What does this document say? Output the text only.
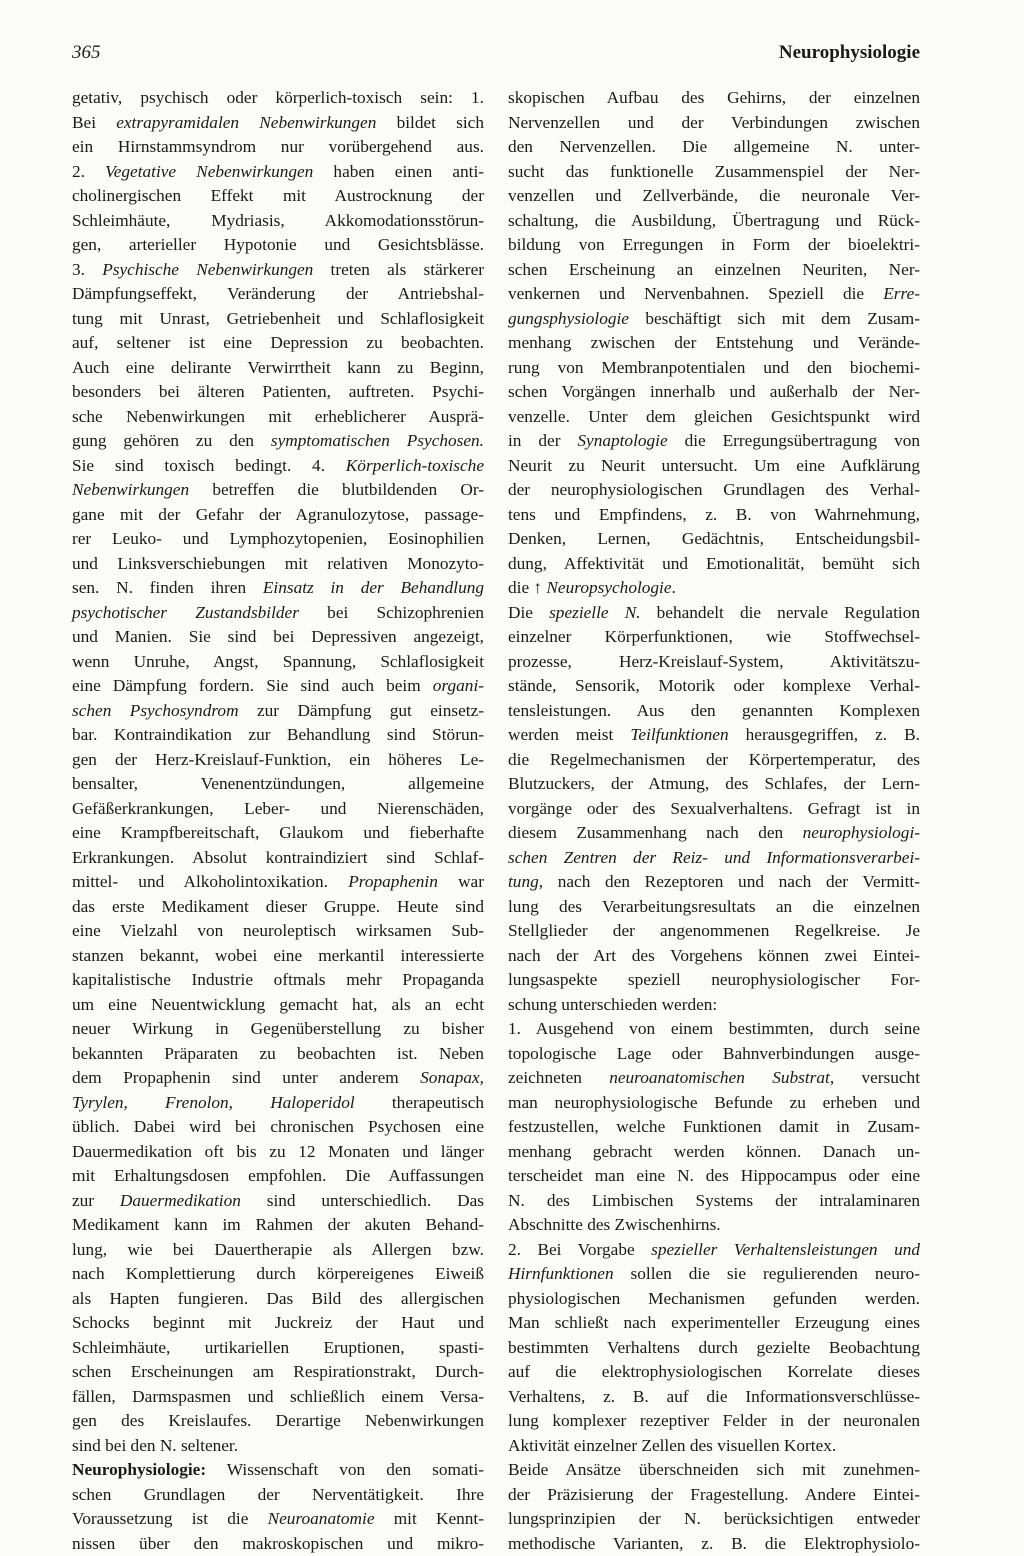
365	Neurophysiologie
getativ, psychisch oder körperlich-toxisch sein: 1.
Bei extrapyramidalen Nebenwirkungen bildet sich
ein Hirnstammsyndrom nur vorübergehend aus.
2. Vegetative Nebenwirkungen haben einen anti-
cholinergischen Effekt mit Austrocknung der
Schleimhäute, Mydriasis, Akkomodationsstörun-
gen, arterieller Hypotonie und Gesichtsblässe.
3. Psychische Nebenwirkungen treten als stärkerer
Dämpfungseffekt, Veränderung der Antriebshal-
tung mit Unrast, Getriebenheit und Schlaflosigkeit
auf, seltener ist eine Depression zu beobachten.
Auch eine delirante Verwirrtheit kann zu Beginn,
besonders bei älteren Patienten, auftreten. Psychi-
sche Nebenwirkungen mit erheblicherer Ausprä-
gung gehören zu den symptomatischen Psychosen.
Sie sind toxisch bedingt. 4. Körperlich-toxische
Nebenwirkungen betreffen die blutbildenden Or-
gane mit der Gefahr der Agranulozytose, passage-
rer Leuko- und Lymphozytopenien, Eosinophilien
und Linksverschiebungen mit relativen Monozyto-
sen. N. finden ihren Einsatz in der Behandlung
psychotischer Zustandsbilder bei Schizophrenien
und Manien. Sie sind bei Depressiven angezeigt,
wenn Unruhe, Angst, Spannung, Schlaflosigkeit
eine Dämpfung fordern. Sie sind auch beim organi-
schen Psychosyndrom zur Dämpfung gut einsetz-
bar. Kontraindikation zur Behandlung sind Störun-
gen der Herz-Kreislauf-Funktion, ein höheres Le-
bensalter, Venenentzündungen, allgemeine
Gefäßerkrankungen, Leber- und Nierenschäden,
eine Krampfbereitschaft, Glaukom und fieberhafte
Erkrankungen. Absolut kontraindiziert sind Schlaf-
mittel- und Alkoholintoxikation. Propaphenin war
das erste Medikament dieser Gruppe. Heute sind
eine Vielzahl von neuroleptisch wirksamen Sub-
stanzen bekannt, wobei eine merkantil interessierte
kapitalistische Industrie oftmals mehr Propaganda
um eine Neuentwicklung gemacht hat, als an echt
neuer Wirkung in Gegenüberstellung zu bisher
bekannten Präparaten zu beobachten ist. Neben
dem Propaphenin sind unter anderem Sonapax,
Tyrylen, Frenolon, Haloperidol therapeutisch
üblich. Dabei wird bei chronischen Psychosen eine
Dauermedikation oft bis zu 12 Monaten und länger
mit Erhaltungsdosen empfohlen. Die Auffassungen
zur Dauermedikation sind unterschiedlich. Das
Medikament kann im Rahmen der akuten Behand-
lung, wie bei Dauertherapie als Allergen bzw.
nach Komplettierung durch körpereigenes Eiweiß
als Hapten fungieren. Das Bild des allergischen
Schocks beginnt mit Juckreiz der Haut und
Schleimhäute, urtikariellen Eruptionen, spasti-
schen Erscheinungen am Respirationstrakt, Durch-
fällen, Darmspasmen und schließlich einem Versa-
gen des Kreislaufes. Derartige Nebenwirkungen
sind bei den N. seltener.
Neurophysiologie: Wissenschaft von den somati-
schen Grundlagen der Nerventätigkeit. Ihre
Voraussetzung ist die Neuroanatomie mit Kennt-
nissen über den makroskopischen und mikro-
skopischen Aufbau des Gehirns, der einzelnen
Nervenzellen und der Verbindungen zwischen
den Nervenzellen. Die allgemeine N. unter-
sucht das funktionelle Zusammenspiel der Ner-
venzellen und Zellverbände, die neuronale Ver-
schaltung, die Ausbildung, Übertragung und Rück-
bildung von Erregungen in Form der bioelektri-
schen Erscheinung an einzelnen Neuriten, Ner-
venkernen und Nervenbahnen. Speziell die Erre-
gungsphysiologie beschäftigt sich mit dem Zusam-
menhang zwischen der Entstehung und Verände-
rung von Membranpotentialen und den biochemi-
schen Vorgängen innerhalb und außerhalb der Ner-
venzelle. Unter dem gleichen Gesichtspunkt wird
in der Synaptologie die Erregungsübertragung von
Neurit zu Neurit untersucht. Um eine Aufklärung
der neurophysiologischen Grundlagen des Verhal-
tens und Empfindens, z. B. von Wahrnehmung,
Denken, Lernen, Gedächtnis, Entscheidungsbil-
dung, Affektivität und Emotionalität, bemüht sich
die ↑ Neuropsychologie.
Die spezielle N. behandelt die nervale Regulation
einzelner Körperfunktionen, wie Stoffwechsel-
prozesse, Herz-Kreislauf-System, Aktivitätszu-
stände, Sensorik, Motorik oder komplexe Verhal-
tensleistungen. Aus den genannten Komplexen
werden meist Teilfunktionen herausgegriffen, z. B.
die Regelmechanismen der Körpertemperatur, des
Blutzuckers, der Atmung, des Schlafes, der Lern-
vorgänge oder des Sexualverhaltens. Gefragt ist in
diesem Zusammenhang nach den neurophysiologi-
schen Zentren der Reiz- und Informationsverarbei-
tung, nach den Rezeptoren und nach der Vermitt-
lung des Verarbeitungsresultats an die einzelnen
Stellglieder der angenommenen Regelkreise. Je
nach der Art des Vorgehens können zwei Eintei-
lungsaspekte speziell neurophysiologischer For-
schung unterschieden werden:
1. Ausgehend von einem bestimmten, durch seine
topologische Lage oder Bahnverbindungen ausge-
zeichneten neuroanatomischen Substrat, versucht
man neurophysiologische Befunde zu erheben und
festzustellen, welche Funktionen damit in Zusam-
menhang gebracht werden können. Danach un-
terscheidet man eine N. des Hippocampus oder eine
N. des Limbischen Systems der intralaminaren
Abschnitte des Zwischenhirns.
2. Bei Vorgabe spezieller Verhaltensleistungen und
Hirnfunktionen sollen die sie regulierenden neuro-
physiologischen Mechanismen gefunden werden.
Man schließt nach experimenteller Erzeugung eines
bestimmten Verhaltens durch gezielte Beobachtung
auf die elektrophysiologischen Korrelate dieses
Verhaltens, z. B. auf die Informationsverschlüsse-
lung komplexer rezeptiver Felder in der neuronalen
Aktivität einzelner Zellen des visuellen Kortex.
Beide Ansätze überschneiden sich mit zunehmen-
der Präzisierung der Fragestellung. Andere Eintei-
lungsprinzipien der N. berücksichtigen entweder
methodische Varianten, z. B. die Elektrophysiolo-
